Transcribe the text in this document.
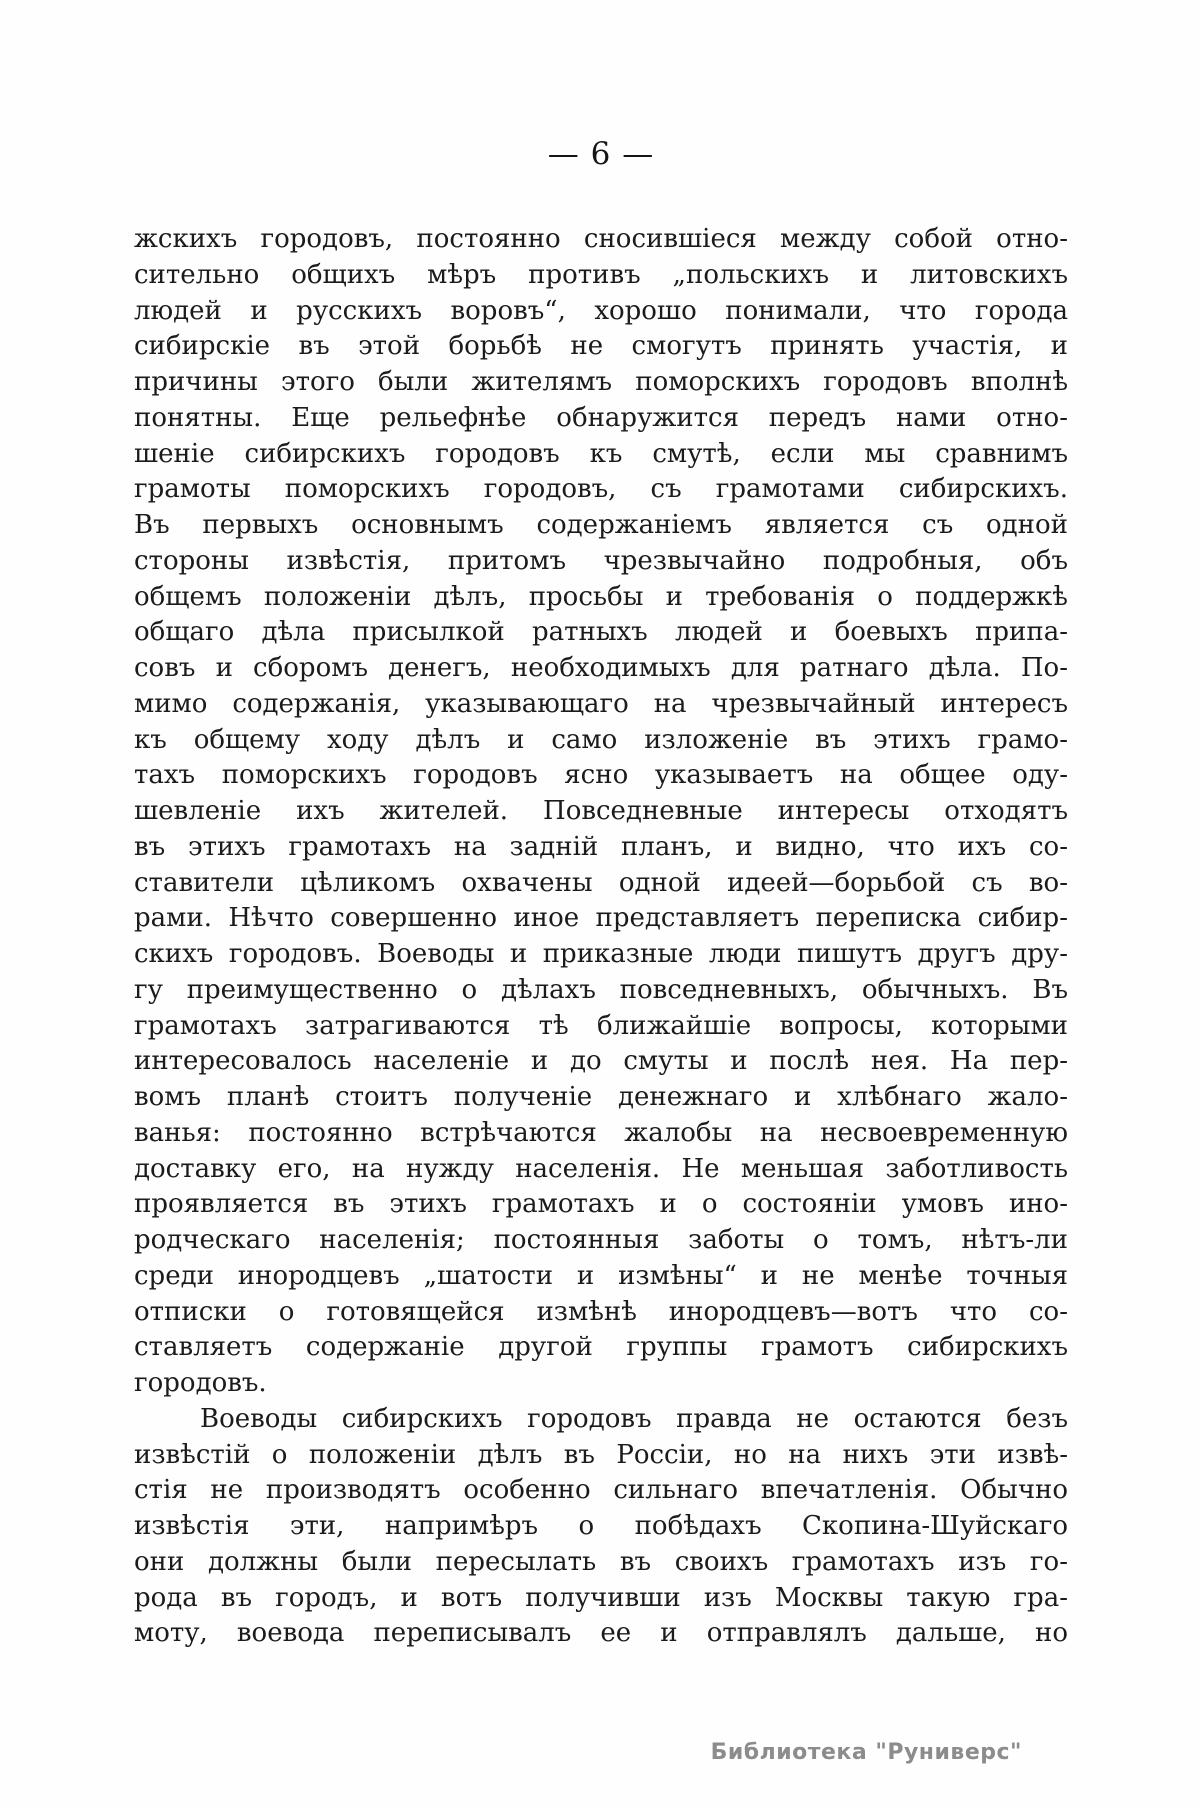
— 6 —
жскихъ городовъ, постоянно сносившіеся между собой отно-
сительно общихъ мѣръ противъ „польскихъ и литовскихъ
людей и русскихъ воровъ“, хорошо понимали, что города
сибирскіе въ этой борьбѣ не смогутъ принять участія, и
причины этого были жителямъ поморскихъ городовъ вполнѣ
понятны. Еще рельефнѣе обнаружится передъ нами отно-
шеніе сибирскихъ городовъ къ смутѣ, если мы сравнимъ
грамоты поморскихъ городовъ, съ грамотами сибирскихъ.
Въ первыхъ основнымъ содержаніемъ является съ одной
стороны извѣстія, притомъ чрезвычайно подробныя, объ
общемъ положеніи дѣлъ, просьбы и требованія о поддержкѣ
общаго дѣла присылкой ратныхъ людей и боевыхъ припа-
совъ и сборомъ денегъ, необходимыхъ для ратнаго дѣла. По-
мимо содержанія, указывающаго на чрезвычайный интересъ
къ общему ходу дѣлъ и само изложеніе въ этихъ грамо-
тахъ поморскихъ городовъ ясно указываетъ на общее оду-
шевленіе ихъ жителей. Повседневные интересы отходятъ
въ этихъ грамотахъ на задній планъ, и видно, что ихъ со-
ставители цѣликомъ охвачены одной идеей—борьбой съ во-
рами. Нѣчто совершенно иное представляетъ переписка сибир-
скихъ городовъ. Воеводы и приказные люди пишутъ другъ дру-
гу преимущественно о дѣлахъ повседневныхъ, обычныхъ. Въ
грамотахъ затрагиваются тѣ ближайшіе вопросы, которыми
интересовалось населеніе и до смуты и послѣ нея. На пер-
вомъ планѣ стоитъ полученіе денежнаго и хлѣбнаго жало-
ванья: постоянно встрѣчаются жалобы на несвоевременную
доставку его, на нужду населенія. Не меньшая заботливость
проявляется въ этихъ грамотахъ и о состояніи умовъ ино-
родческаго населенія; постоянныя заботы о томъ, нѣтъ-ли
среди инородцевъ „шатости и измѣны“ и не менѣе точныя
отписки о готовящейся измѣнѣ инородцевъ—вотъ что со-
ставляетъ содержаніе другой группы грамотъ сибирскихъ
городовъ.
Воеводы сибирскихъ городовъ правда не остаются безъ
извѣстій о положеніи дѣлъ въ Россіи, но на нихъ эти извѣ-
стія не производятъ особенно сильнаго впечатленія. Обычно
извѣстія эти, напримѣръ о побѣдахъ Скопина-Шуйскаго
они должны были пересылать въ своихъ грамотахъ изъ го-
рода въ городъ, и вотъ получивши изъ Москвы такую гра-
моту, воевода переписывалъ ее и отправлялъ дальше, но
Библиотека "Руниверс"
